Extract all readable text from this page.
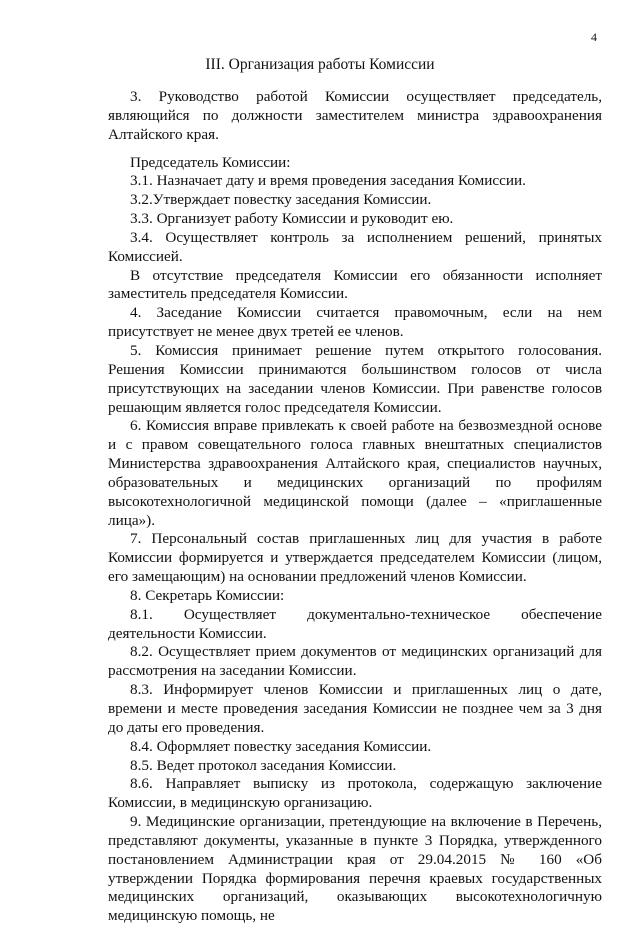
4
III. Организация работы Комиссии

3. Руководство работой Комиссии осуществляет председатель, являющийся по должности заместителем министра здравоохранения Алтайского края.

Председатель Комиссии:

3.1. Назначает дату и время проведения заседания Комиссии.

3.2.Утверждает повестку заседания Комиссии.

3.3. Организует работу Комиссии и руководит ею.

3.4. Осуществляет контроль за исполнением решений, принятых Комиссией.

В отсутствие председателя Комиссии его обязанности исполняет заместитель председателя Комиссии.

4. Заседание Комиссии считается правомочным, если на нем присутствует не менее двух третей ее членов.

5. Комиссия принимает решение путем открытого голосования. Решения Комиссии принимаются большинством голосов от числа присутствующих на заседании членов Комиссии. При равенстве голосов решающим является голос председателя Комиссии.

6. Комиссия вправе привлекать к своей работе на безвозмездной основе и с правом совещательного голоса главных внештатных специалистов Министерства здравоохранения Алтайского края, специалистов научных, образовательных и медицинских организаций по профилям высокотехнологичной медицинской помощи (далее – «приглашенные лица»).

7. Персональный состав приглашенных лиц для участия в работе Комиссии формируется и утверждается председателем Комиссии (лицом, его замещающим) на основании предложений членов Комиссии.

8. Секретарь Комиссии:

8.1. Осуществляет документально-техническое обеспечение деятельности Комиссии.

8.2. Осуществляет прием документов от медицинских организаций для рассмотрения на заседании Комиссии.

8.3. Информирует членов Комиссии и приглашенных лиц о дате, времени и месте проведения заседания Комиссии не позднее чем за 3 дня до даты его проведения.

8.4. Оформляет повестку заседания Комиссии.

8.5. Ведет протокол заседания Комиссии.

8.6. Направляет выписку из протокола, содержащую заключение Комиссии, в медицинскую организацию.

9. Медицинские организации, претендующие на включение в Перечень, представляют документы, указанные в пункте 3 Порядка, утвержденного постановлением Администрации края от 29.04.2015 № 160 «Об утверждении Порядка формирования перечня краевых государственных медицинских организаций, оказывающих высокотехнологичную медицинскую помощь, не
